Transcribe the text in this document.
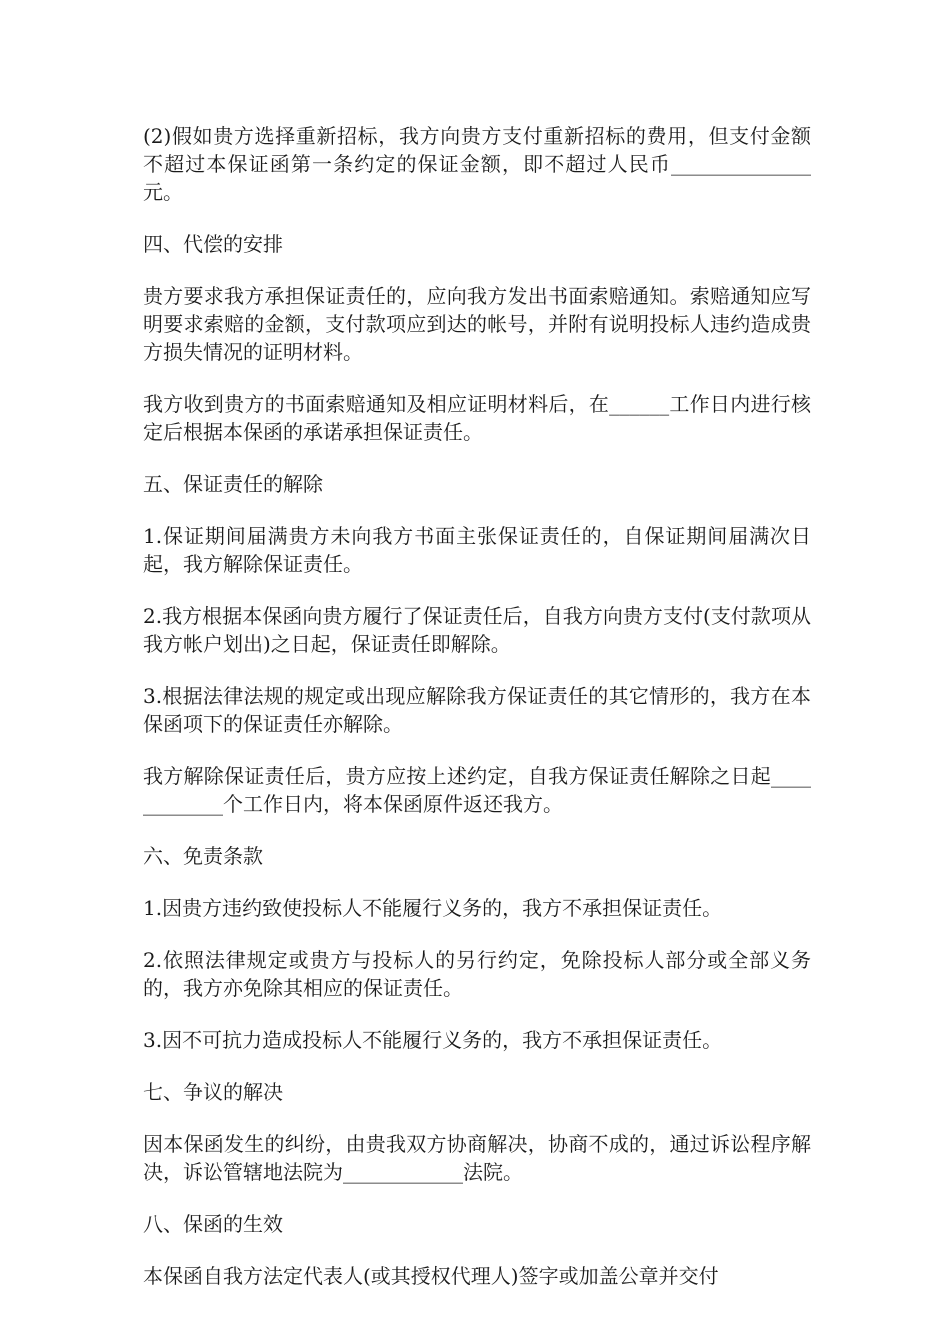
(2)假如贵方选择重新招标，我方向贵方支付重新招标的费用，但支付金额不超过本保证函第一条约定的保证金额，即不超过人民币______________元。

四、代偿的安排

贵方要求我方承担保证责任的，应向我方发出书面索赔通知。索赔通知应写明要求索赔的金额，支付款项应到达的帐号，并附有说明投标人违约造成贵方损失情况的证明材料。

我方收到贵方的书面索赔通知及相应证明材料后，在______工作日内进行核定后根据本保函的承诺承担保证责任。

五、保证责任的解除

1.保证期间届满贵方未向我方书面主张保证责任的，自保证期间届满次日起，我方解除保证责任。

2.我方根据本保函向贵方履行了保证责任后，自我方向贵方支付(支付款项从我方帐户划出)之日起，保证责任即解除。

3.根据法律法规的规定或出现应解除我方保证责任的其它情形的，我方在本保函项下的保证责任亦解除。

我方解除保证责任后，贵方应按上述约定，自我方保证责任解除之日起____________个工作日内，将本保函原件返还我方。

六、免责条款

1.因贵方违约致使投标人不能履行义务的，我方不承担保证责任。

2.依照法律规定或贵方与投标人的另行约定，免除投标人部分或全部义务的，我方亦免除其相应的保证责任。

3.因不可抗力造成投标人不能履行义务的，我方不承担保证责任。

七、争议的解决

因本保函发生的纠纷，由贵我双方协商解决，协商不成的，通过诉讼程序解决，诉讼管辖地法院为____________法院。

八、保函的生效

本保函自我方法定代表人(或其授权代理人)签字或加盖公章并交付
